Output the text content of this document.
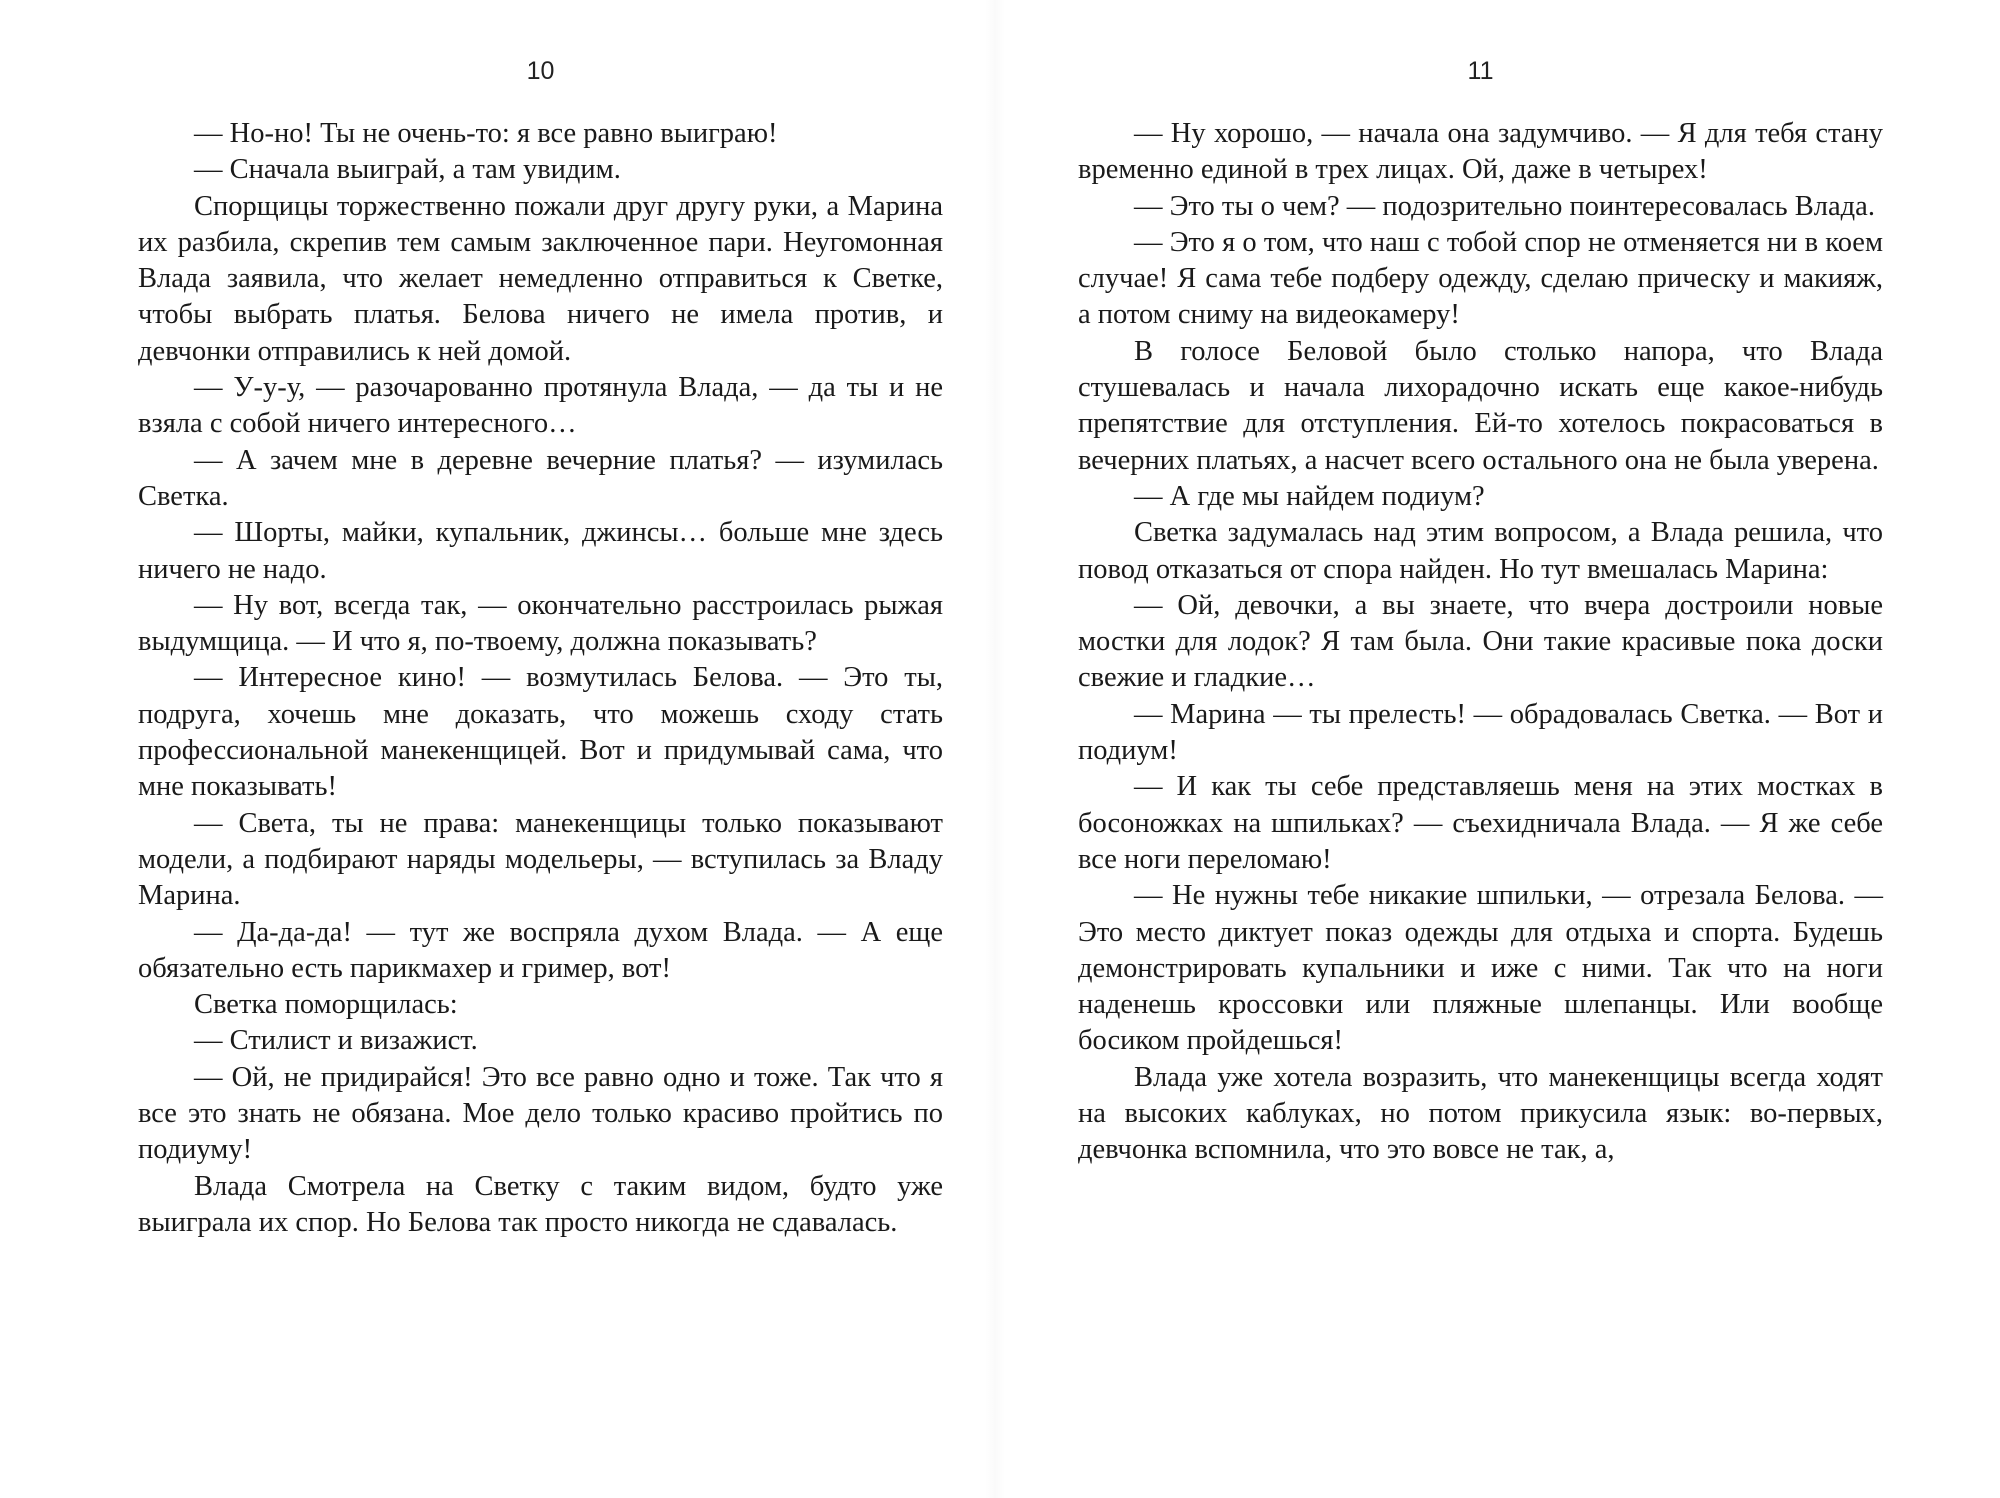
10

— Но-но! Ты не очень-то: я все равно выиграю!

— Сначала выиграй, а там увидим.

Спорщицы торжественно пожали друг другу руки, а Марина их разбила, скрепив тем самым заключенное пари. Неугомонная Влада заявила, что желает немедленно отправиться к Светке, чтобы выбрать платья. Белова ничего не имела против, и девчонки отправились к ней домой.

— У-у-у, — разочарованно протянула Влада, — да ты и не взяла с собой ничего интересного…

— А зачем мне в деревне вечерние платья? — изумилась Светка.

— Шорты, майки, купальник, джинсы… больше мне здесь ничего не надо.

— Ну вот, всегда так, — окончательно расстроилась рыжая выдумщица. — И что я, по-твоему, должна показывать?

— Интересное кино! — возмутилась Белова. — Это ты, подруга, хочешь мне доказать, что можешь сходу стать профессиональной манекенщицей. Вот и придумывай сама, что мне показывать!

— Света, ты не права: манекенщицы только показывают модели, а подбирают наряды модельеры, — вступилась за Владу Марина.

— Да-да-да! — тут же воспряла духом Влада. — А еще обязательно есть парикмахер и гример, вот!

Светка поморщилась:

— Стилист и визажист.

— Ой, не придирайся! Это все равно одно и тоже. Так что я все это знать не обязана. Мое дело только красиво пройтись по подиуму!

Влада Смотрела на Светку с таким видом, будто уже выиграла их спор. Но Белова так просто никогда не сдавалась.

11

— Ну хорошо, — начала она задумчиво. — Я для тебя стану временно единой в трех лицах. Ой, даже в четырех!

— Это ты о чем? — подозрительно поинтересовалась Влада.

— Это я о том, что наш с тобой спор не отменяется ни в коем случае! Я сама тебе подберу одежду, сделаю прическу и макияж, а потом сниму на видеокамеру!

В голосе Беловой было столько напора, что Влада стушевалась и начала лихорадочно искать еще какое-нибудь препятствие для отступления. Ей-то хотелось покрасоваться в вечерних платьях, а насчет всего остального она не была уверена.

— А где мы найдем подиум?

Светка задумалась над этим вопросом, а Влада решила, что повод отказаться от спора найден. Но тут вмешалась Марина:

— Ой, девочки, а вы знаете, что вчера достроили новые мостки для лодок? Я там была. Они такие красивые пока доски свежие и гладкие…

— Марина — ты прелесть! — обрадовалась Светка. — Вот и подиум!

— И как ты себе представляешь меня на этих мостках в босоножках на шпильках? — съехидничала Влада. — Я же себе все ноги переломаю!

— Не нужны тебе никакие шпильки, — отрезала Белова. — Это место диктует показ одежды для отдыха и спорта. Будешь демонстрировать купальники и иже с ними. Так что на ноги наденешь кроссовки или пляжные шлепанцы. Или вообще босиком пройдешься!

Влада уже хотела возразить, что манекенщицы всегда ходят на высоких каблуках, но потом прикусила язык: во-первых, девчонка вспомнила, что это вовсе не так, а,
